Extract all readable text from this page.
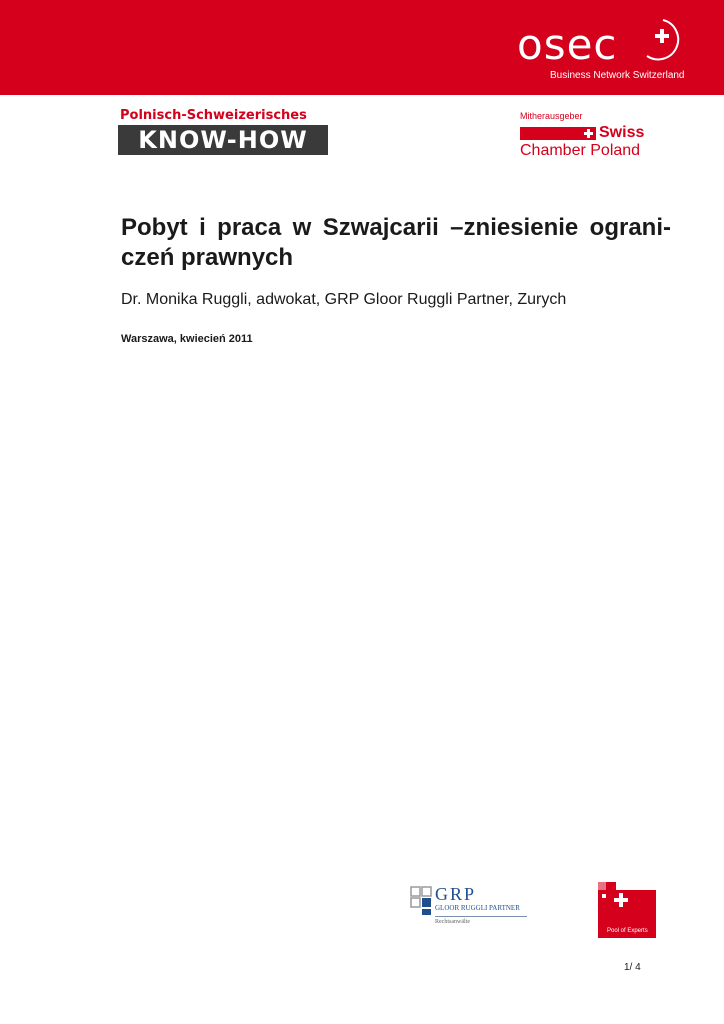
osec
Business Network Switzerland
Polnisch-Schweizerisches
KNOW-HOW
Mitherausgeber
Swiss
Chamber Poland
Pobyt i praca w Szwajcarii –zniesienie ograni-czeń prawnych
Dr. Monika Ruggli, adwokat, GRP Gloor Ruggli Partner, Zurych
Warszawa, kwiecień 2011
GRP
GLOOR RUGGLI PARTNER
Rechtsanwälte
Pool of Experts
1/ 4
